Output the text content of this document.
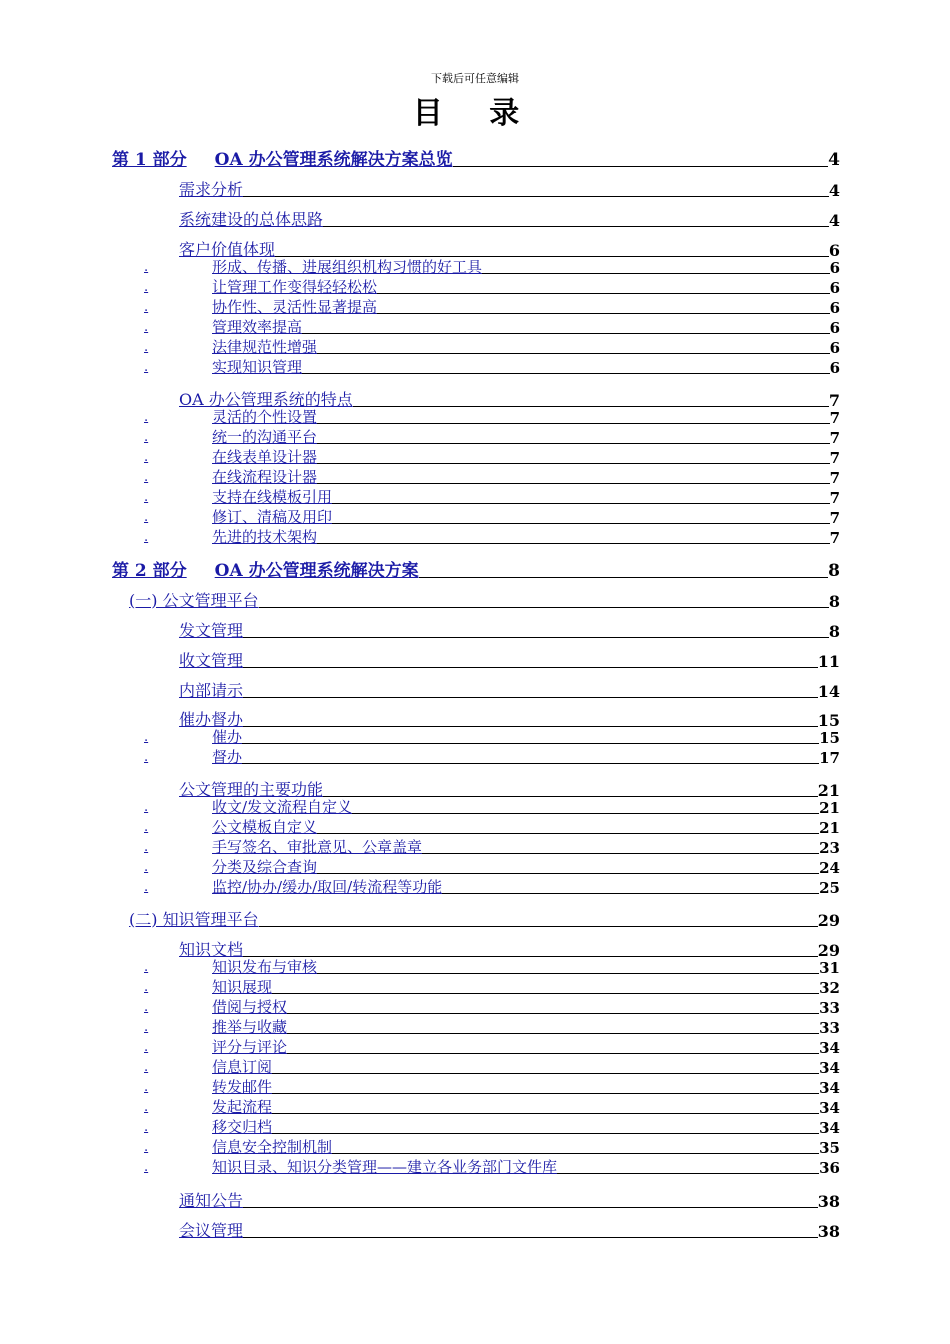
下载后可任意编辑
目 录
第 1 部分 OA 办公管理系统解决方案总览	4
需求分析	4
系统建设的总体思路	4
客户价值体现	6
形成、传播、进展组织机构习惯的好工具	6
.
让管理工作变得轻轻松松	6
.
协作性、灵活性显著提高	6
.
管理效率提高	6
.
法律规范性增强	6
.
实现知识管理	6
.
OA 办公管理系统的特点	7
灵活的个性设置	7
.
统一的沟通平台	7
.
在线表单设计器	7
.
在线流程设计器	7
.
支持在线模板引用	7
.
修订、清稿及用印	7
.
先进的技术架构	7
.
第 2 部分 OA 办公管理系统解决方案	8
(一) 公文管理平台	8
发文管理	8
收文管理	11
内部请示	14
催办督办	15
催办	15
.
督办	17
.
公文管理的主要功能	21
收文/发文流程自定义	21
.
公文模板自定义	21
.
手写签名、审批意见、公章盖章	23
.
分类及综合查询	24
.
监控/协办/缓办/取回/转流程等功能	25
.
(二) 知识管理平台	29
知识文档	29
知识发布与审核	31
.
知识展现	32
.
借阅与授权	33
.
推举与收藏	33
.
评分与评论	34
.
信息订阅	34
.
转发邮件	34
.
发起流程	34
.
移交归档	34
.
信息安全控制机制	35
.
知识目录、知识分类管理——建立各业务部门文件库	36
.
通知公告	38
会议管理	38
